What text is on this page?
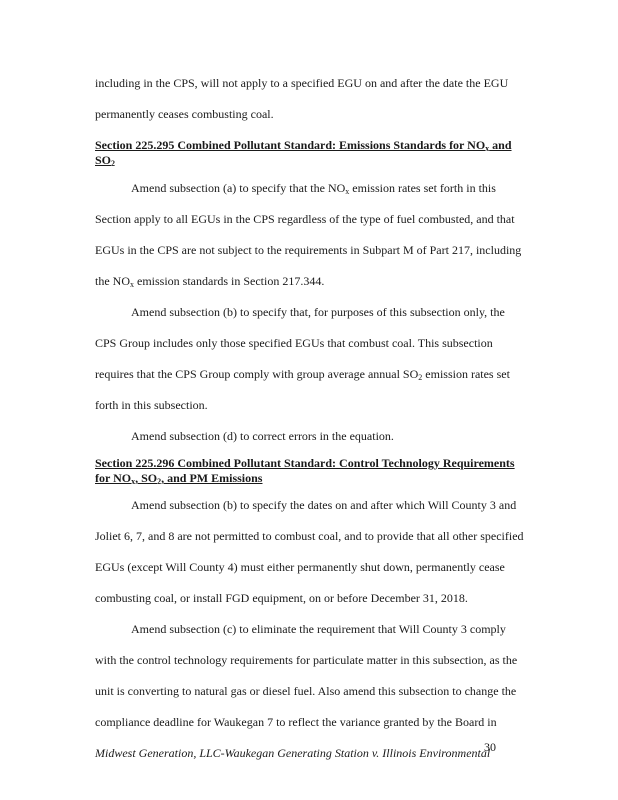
including in the CPS, will not apply to a specified EGU on and after the date the EGU
permanently ceases combusting coal.
Section 225.295 Combined Pollutant Standard: Emissions Standards for $NO_x$ and
$SO_2$
Amend subsection (a) to specify that the $NO_x$ emission rates set forth in this
Section apply to all EGUs in the CPS regardless of the type of fuel combusted, and that
EGUs in the CPS are not subject to the requirements in Subpart M of Part 217, including
the $NO_x$ emission standards in Section 217.344.
Amend subsection (b) to specify that, for purposes of this subsection only, the
CPS Group includes only those specified EGUs that combust coal. This subsection
requires that the CPS Group comply with group average annual $SO_2$ emission rates set
forth in this subsection.
Amend subsection (d) to correct errors in the equation.
Section 225.296 Combined Pollutant Standard: Control Technology Requirements
for $NO_x$, $SO_2$, and PM Emissions
Amend subsection (b) to specify the dates on and after which Will County 3 and
Joliet 6, 7, and 8 are not permitted to combust coal, and to provide that all other specified
EGUs (except Will County 4) must either permanently shut down, permanently cease
combusting coal, or install FGD equipment, on or before December 31, 2018.
Amend subsection (c) to eliminate the requirement that Will County 3 comply
with the control technology requirements for particulate matter in this subsection, as the
unit is converting to natural gas or diesel fuel. Also amend this subsection to change the
compliance deadline for Waukegan 7 to reflect the variance granted by the Board in
Midwest Generation, LLC-Waukegan Generating Station v. Illinois Environmental
30
